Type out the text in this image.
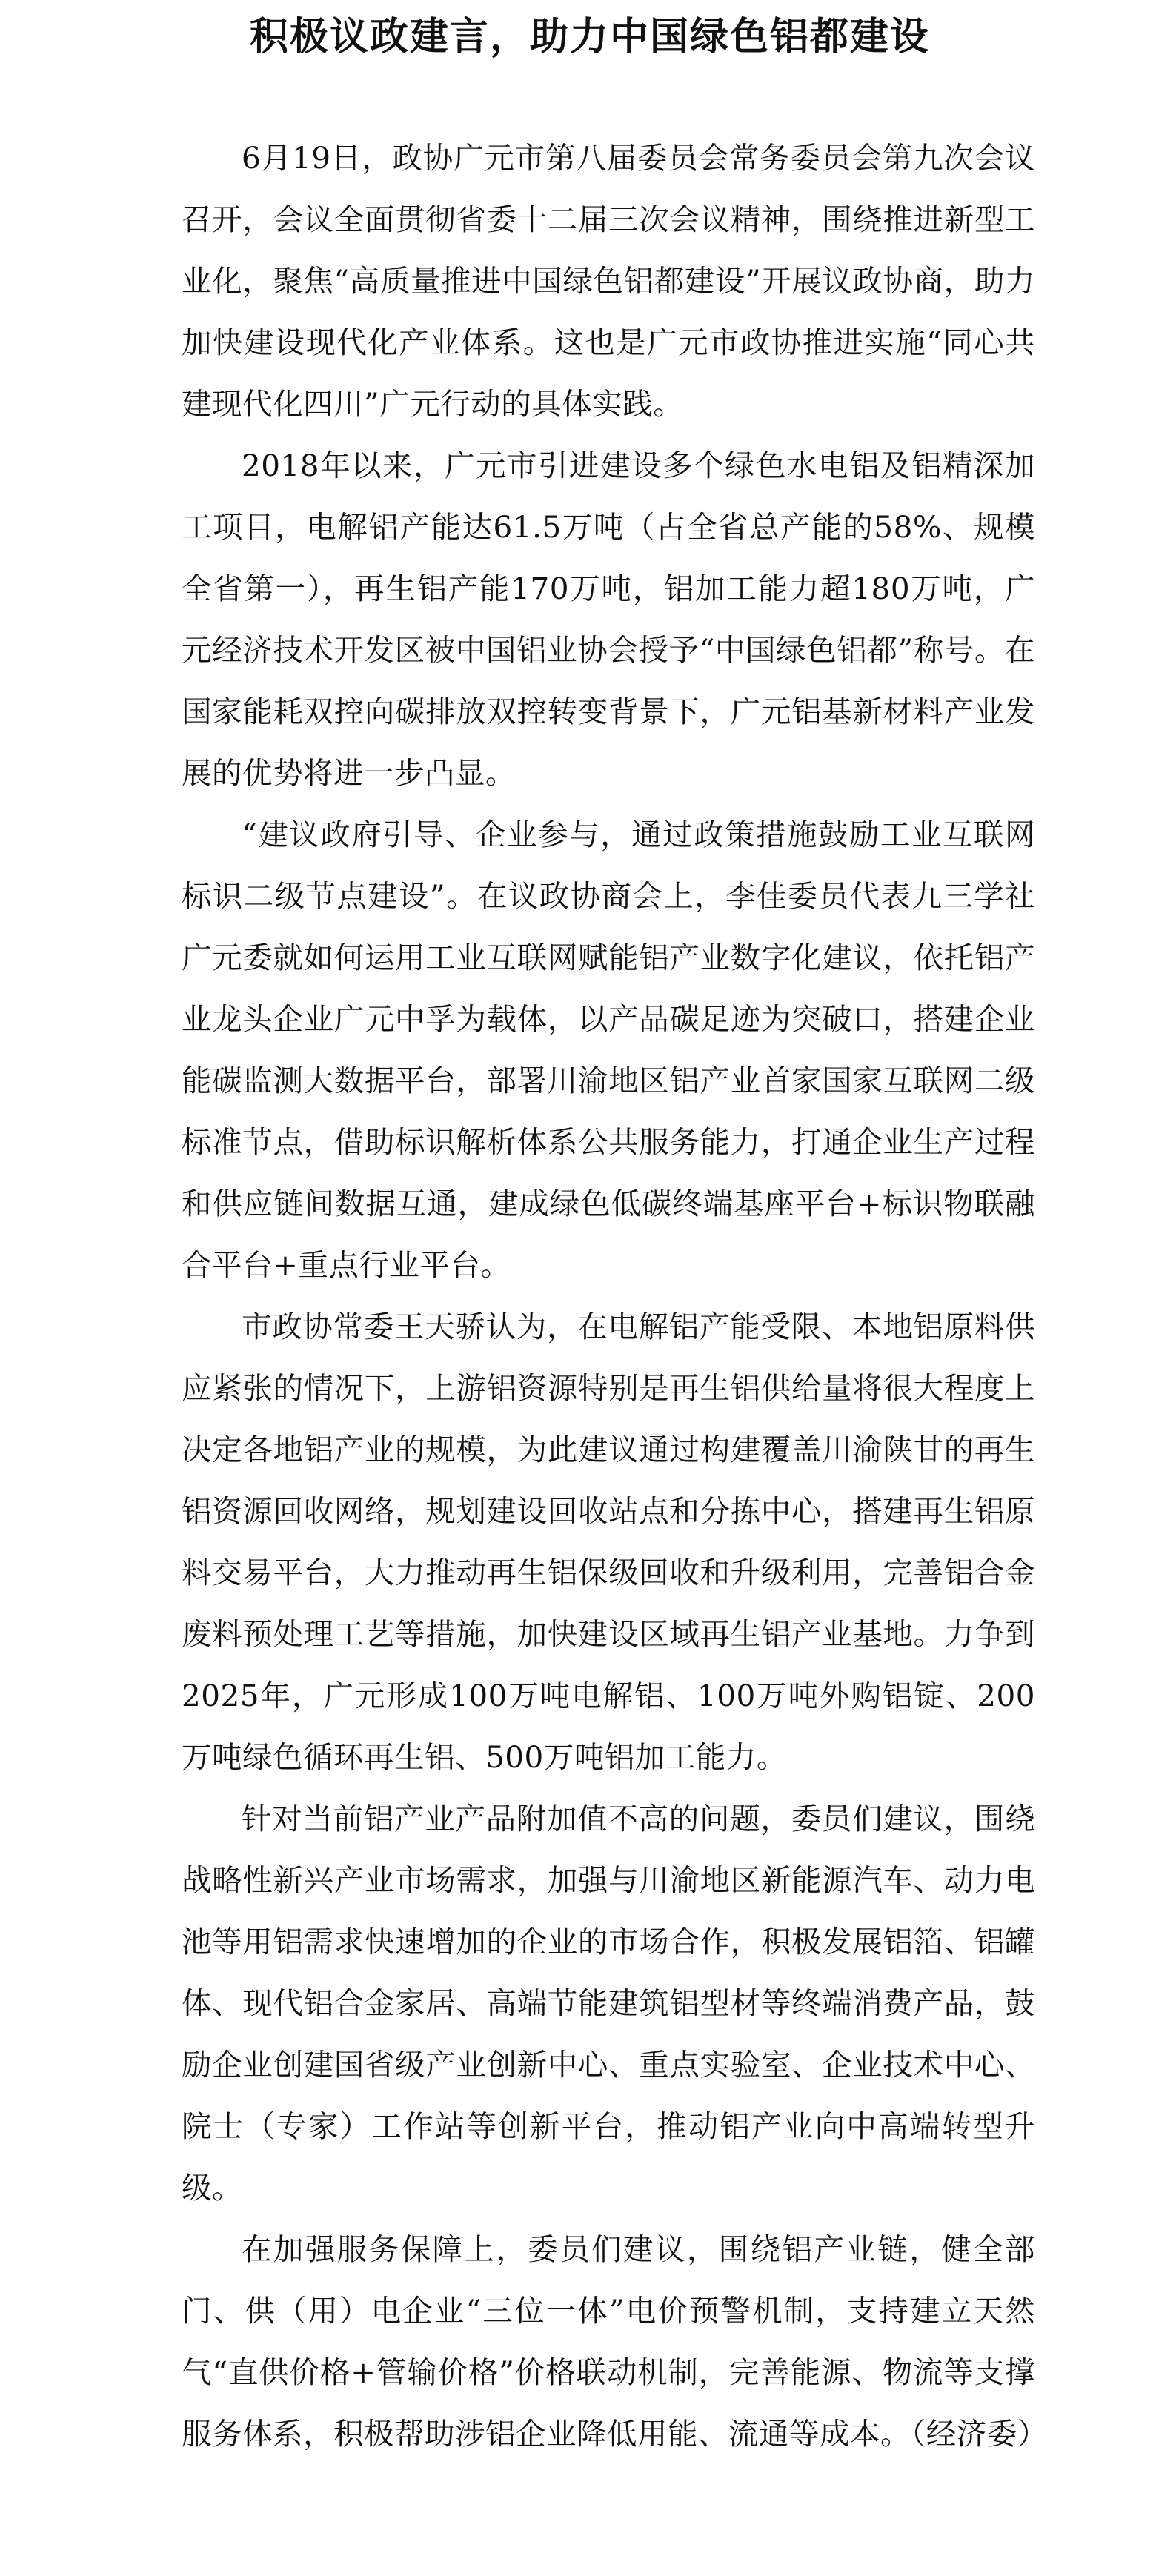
积极议政建言，助力中国绿色铝都建设

6月19日，政协广元市第八届委员会常务委员会第九次会议召开，会议全面贯彻省委十二届三次会议精神，围绕推进新型工业化，聚焦“高质量推进中国绿色铝都建设”开展议政协商，助力加快建设现代化产业体系。这也是广元市政协推进实施“同心共建现代化四川”广元行动的具体实践。

2018年以来，广元市引进建设多个绿色水电铝及铝精深加工项目，电解铝产能达61.5万吨（占全省总产能的58%、规模全省第一），再生铝产能170万吨，铝加工能力超180万吨，广元经济技术开发区被中国铝业协会授予“中国绿色铝都”称号。在国家能耗双控向碳排放双控转变背景下，广元铝基新材料产业发展的优势将进一步凸显。

“建议政府引导、企业参与，通过政策措施鼓励工业互联网标识二级节点建设”。在议政协商会上，李佳委员代表九三学社广元委就如何运用工业互联网赋能铝产业数字化建议，依托铝产业龙头企业广元中孚为载体，以产品碳足迹为突破口，搭建企业能碳监测大数据平台，部署川渝地区铝产业首家国家互联网二级标准节点，借助标识解析体系公共服务能力，打通企业生产过程和供应链间数据互通，建成绿色低碳终端基座平台+标识物联融合平台+重点行业平台。

市政协常委王天骄认为，在电解铝产能受限、本地铝原料供应紧张的情况下，上游铝资源特别是再生铝供给量将很大程度上决定各地铝产业的规模，为此建议通过构建覆盖川渝陕甘的再生铝资源回收网络，规划建设回收站点和分拣中心，搭建再生铝原料交易平台，大力推动再生铝保级回收和升级利用，完善铝合金废料预处理工艺等措施，加快建设区域再生铝产业基地。力争到2025年，广元形成100万吨电解铝、100万吨外购铝锭、200万吨绿色循环再生铝、500万吨铝加工能力。

针对当前铝产业产品附加值不高的问题，委员们建议，围绕战略性新兴产业市场需求，加强与川渝地区新能源汽车、动力电池等用铝需求快速增加的企业的市场合作，积极发展铝箔、铝罐体、现代铝合金家居、高端节能建筑铝型材等终端消费产品，鼓励企业创建国省级产业创新中心、重点实验室、企业技术中心、院士（专家）工作站等创新平台，推动铝产业向中高端转型升级。

在加强服务保障上，委员们建议，围绕铝产业链，健全部门、供（用）电企业“三位一体”电价预警机制，支持建立天然气“直供价格+管输价格”价格联动机制，完善能源、物流等支撑服务体系，积极帮助涉铝企业降低用能、流通等成本。（经济委）
